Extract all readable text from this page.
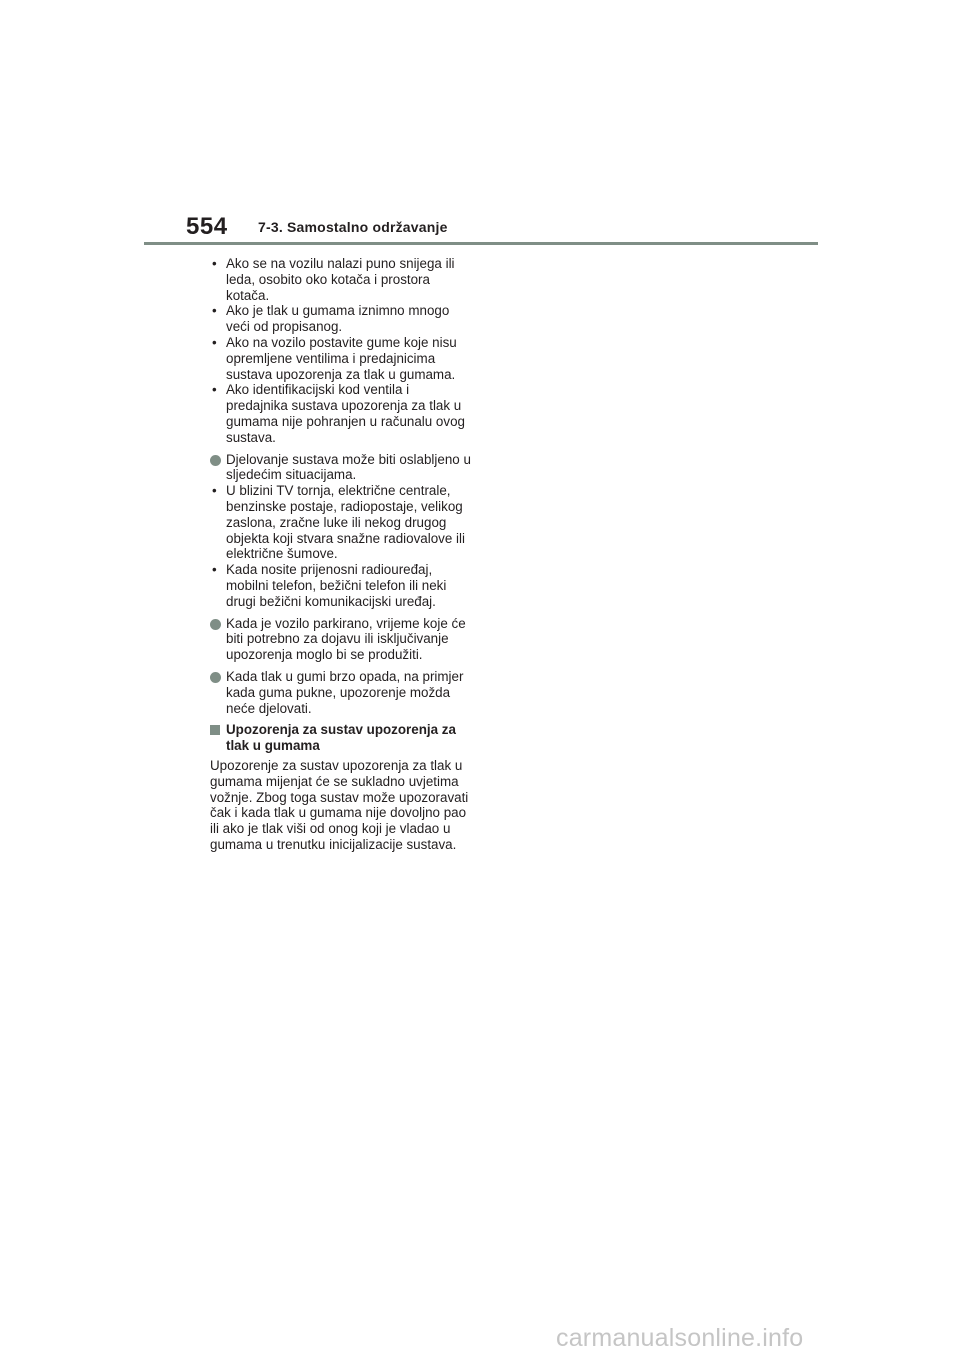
554 7-3. Samostalno održavanje
• Ako se na vozilu nalazi puno snijega ili leda, osobito oko kotača i prostora kotača.
• Ako je tlak u gumama iznimno mnogo veći od propisanog.
• Ako na vozilo postavite gume koje nisu opremljene ventilima i predajnicima sustava upozorenja za tlak u gumama.
• Ako identifikacijski kod ventila i predajnika sustava upozorenja za tlak u gumama nije pohranjen u računalu ovog sustava.
Djelovanje sustava može biti oslabljeno u sljedećim situacijama.
• U blizini TV tornja, električne centrale, benzinske postaje, radiopostaje, velikog zaslona, zračne luke ili nekog drugog objekta koji stvara snažne radiovalove ili električne šumove.
• Kada nosite prijenosni radiouređaj, mobilni telefon, bežični telefon ili neki drugi bežični komunikacijski uređaj.
Kada je vozilo parkirano, vrijeme koje će biti potrebno za dojavu ili isključivanje upozorenja moglo bi se produžiti.
Kada tlak u gumi brzo opada, na primjer kada guma pukne, upozorenje možda neće djelovati.
Upozorenja za sustav upozorenja za tlak u gumama
Upozorenje za sustav upozorenja za tlak u gumama mijenjat će se sukladno uvjetima vožnje. Zbog toga sustav može upozoravati čak i kada tlak u gumama nije dovoljno pao ili ako je tlak viši od onog koji je vladao u gumama u trenutku inicijalizacije sustava.
carmanualsonline.info
